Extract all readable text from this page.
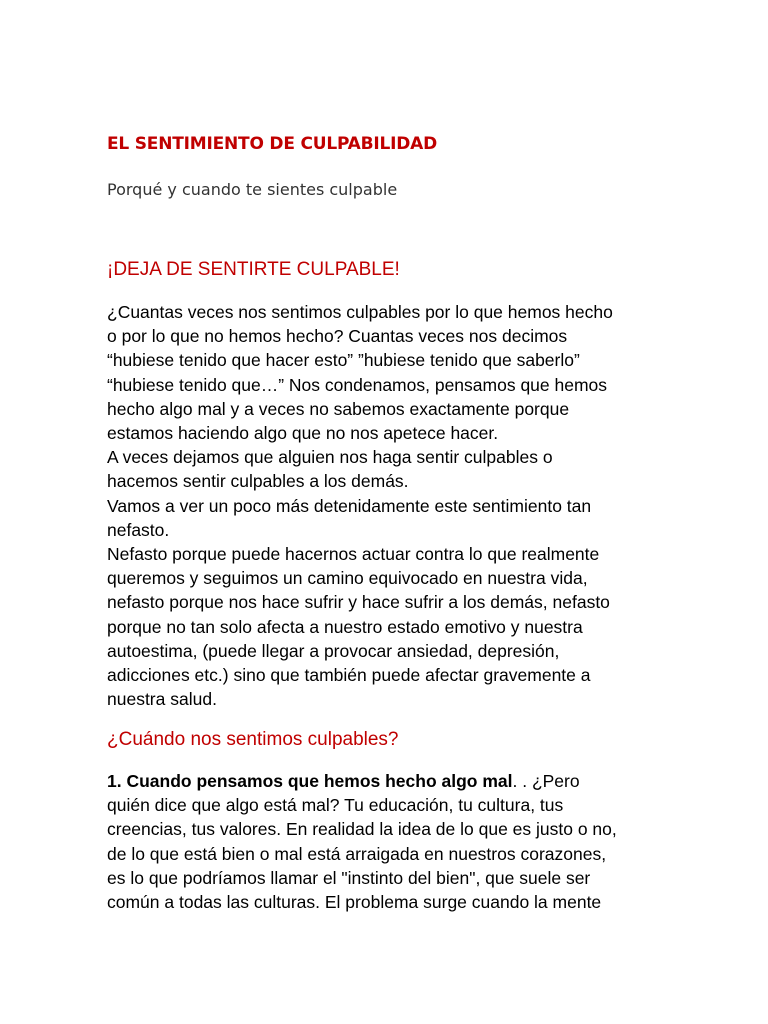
EL SENTIMIENTO DE CULPABILIDAD

Porqué y cuando te sientes culpable

¡DEJA DE SENTIRTE CULPABLE!
¿Cuantas veces nos sentimos culpables por lo que hemos hecho
o por lo que no hemos hecho? Cuantas veces nos decimos
“hubiese tenido que hacer esto” ”hubiese tenido que saberlo”
“hubiese tenido que…” Nos condenamos, pensamos que hemos
hecho algo mal y a veces no sabemos exactamente porque
estamos haciendo algo que no nos apetece hacer.
A veces dejamos que alguien nos haga sentir culpables o
hacemos sentir culpables a los demás.
Vamos a ver un poco más detenidamente este sentimiento tan
nefasto.
Nefasto porque puede hacernos actuar contra lo que realmente
queremos y seguimos un camino equivocado en nuestra vida,
nefasto porque nos hace sufrir y hace sufrir a los demás, nefasto
porque no tan solo afecta a nuestro estado emotivo y nuestra
autoestima, (puede llegar a provocar ansiedad, depresión,
adicciones etc.) sino que también puede afectar gravemente a
nuestra salud.
¿Cuándo nos sentimos culpables?
1. Cuando pensamos que hemos hecho algo mal. . ¿Pero
quién dice que algo está mal? Tu educación, tu cultura, tus
creencias, tus valores. En realidad la idea de lo que es justo o no,
de lo que está bien o mal está arraigada en nuestros corazones,
es lo que podríamos llamar el "instinto del bien", que suele ser
común a todas las culturas. El problema surge cuando la mente
